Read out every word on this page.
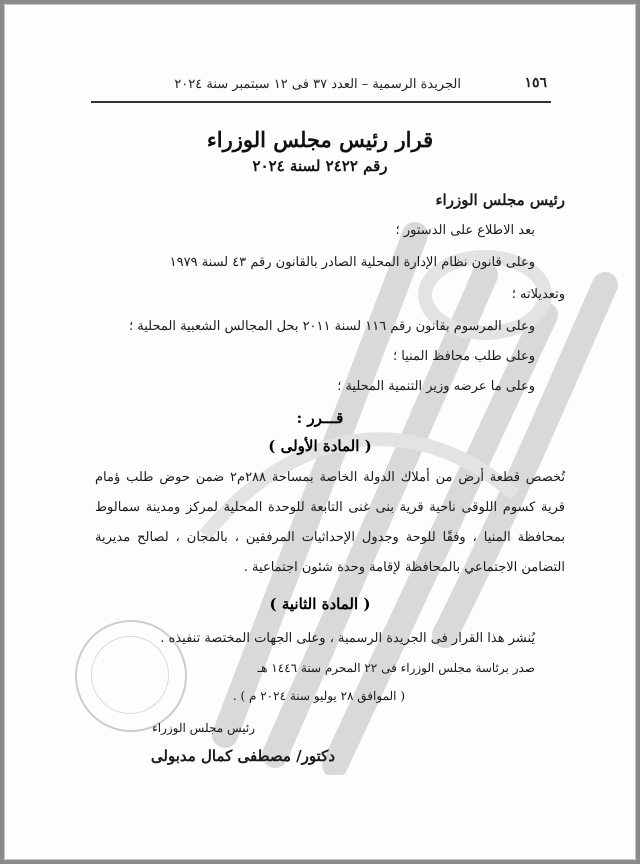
١٥٦
الجريدة الرسمية – العدد ٣٧ فى ١٢ سبتمبر سنة ٢٠٢٤
قرار رئيس مجلس الوزراء
رقم ٢٤٢٢ لسنة ٢٠٢٤
رئيس مجلس الوزراء
بعد الاطلاع على الدستور ؛
وعلى قانون نظام الإدارة المحلية الصادر بالقانون رقم ٤٣ لسنة ١٩٧٩
وتعديلاته ؛
وعلى المرسوم بقانون رقم ١١٦ لسنة ٢٠١١ بحل المجالس الشعبية المحلية ؛
وعلى طلب محافظ المنيا ؛
وعلى ما عرضه وزير التنمية المحلية ؛
قـــرر :
( المادة الأولى )
تُخصص قطعة أرض من أملاك الدولة الخاصة بمساحة ٢٨٨م٢ ضمن حوض طلب ؤمام قرية كسوم اللوقى ناحية قرية بنى غنى التابعة للوحدة المحلية لمركز ومدينة سمالوط بمحافظة المنيا ، وفقًا للوحة وجدول الإحداثيات المرفقين ، بالمجان ، لصالح مديرية التضامن الاجتماعي بالمحافظة لإقامة وحدة شئون اجتماعية .
( المادة الثانية )
يُنشر هذا القرار فى الجريدة الرسمية ، وعلى الجهات المختصة تنفيذه .
صدر برئاسة مجلس الوزراء فى ٢٢ المحرم سنة ١٤٤٦ هـ
( الموافق ٢٨ يوليو سنة ٢٠٢٤ م ) .
رئيس مجلس الوزراء
دكتور/ مصطفى كمال مدبولى
